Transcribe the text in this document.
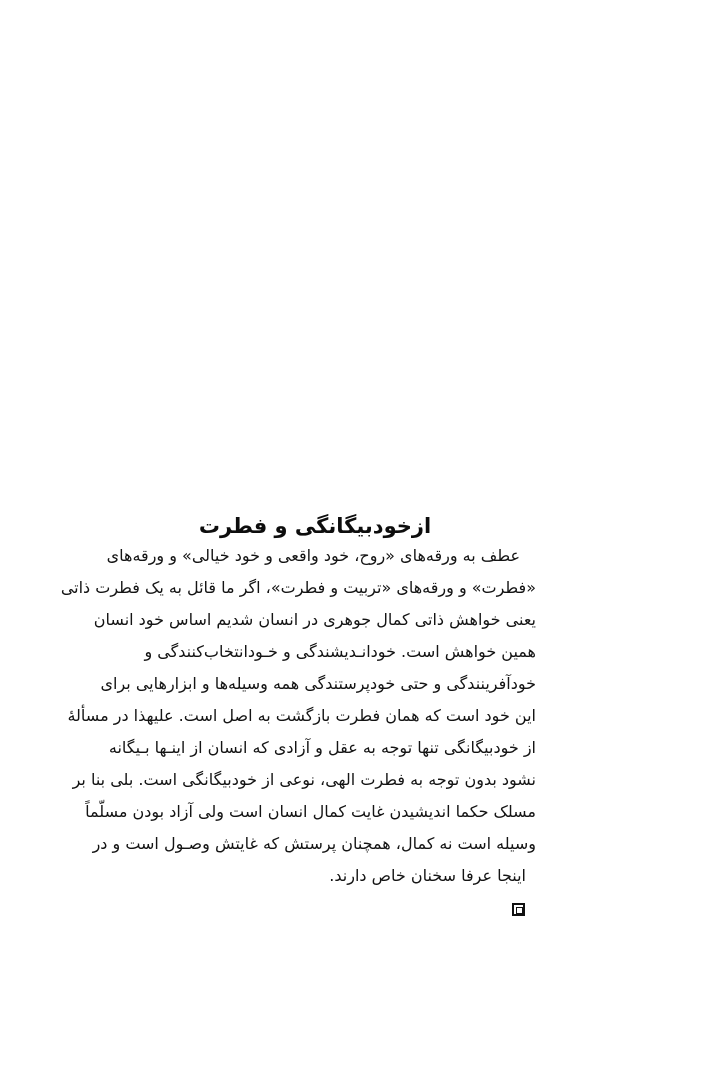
ازخودبیگانگی و فطرت
عطف به ورقه‌های «روح، خود واقعی و خود خیالی» و ورقه‌های
«فطرت» و ورقه‌های «تربیت و فطرت»، اگر ما قائل به یک فطرت ذاتی
یعنی خواهش ذاتی کمال جوهری در انسان شدیم اساس خود انسان
همین خواهش است. خودانـدیشندگی و خـودانتخاب‌کنندگی و
خودآفرینندگی و حتی خودپرستندگی همه وسیله‌ها و ابزارهایی برای
این خود است که همان فطرت بازگشت به اصل است. علیهذا در مسألهٔ
از خودبیگانگی تنها توجه به عقل و آزادی که انسان از اینـها بـیگانه
نشود بدون توجه به فطرت الهی، نوعی از خودبیگانگی است. بلی بنا بر
مسلک حکما اندیشیدن غایت کمال انسان است ولی آزاد بودن مسلّماً
وسیله است نه کمال، همچنان پرستش که غایتش وصـول است و در
اینجا عرفا سخنان خاص دارند.
